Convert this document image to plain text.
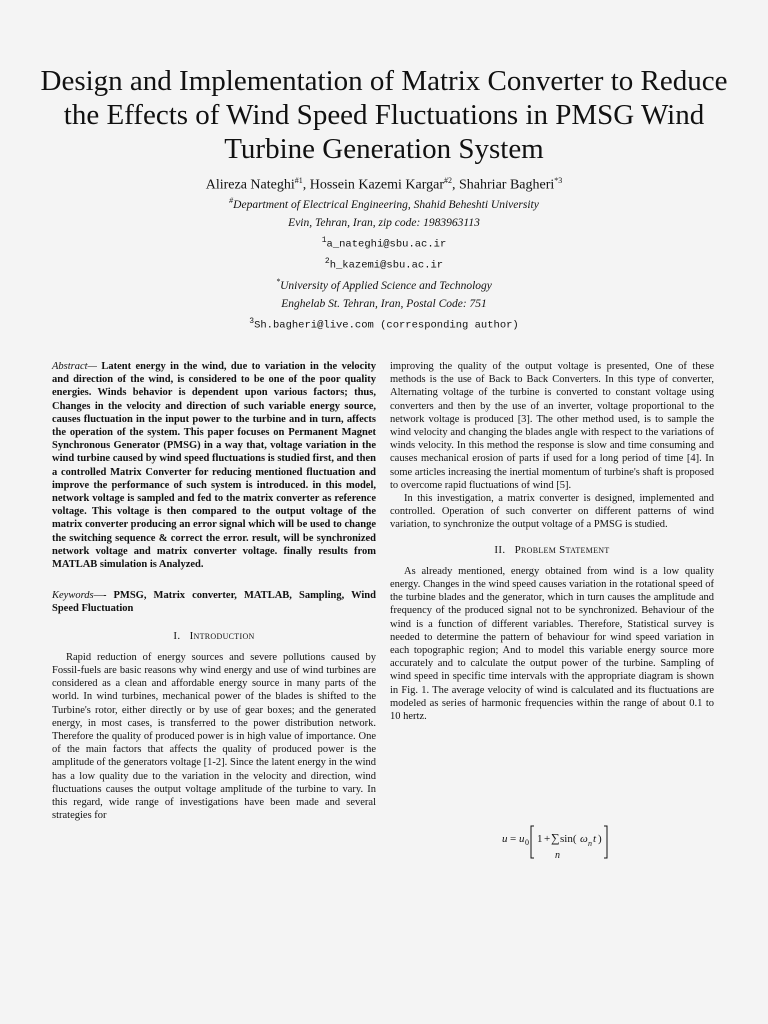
Design and Implementation of Matrix Converter to Reduce the Effects of Wind Speed Fluctuations in PMSG Wind Turbine Generation System
Alireza Nateghi$^{\#1}$, Hossein Kazemi Kargar$^{\#2}$, Shahriar Bagheri$^{*3}$
#Department of Electrical Engineering, Shahid Beheshti University
Evin, Tehran, Iran, zip code: 1983963113
$^1$a_nateghi@sbu.ac.ir
$^2$h_kazemi@sbu.ac.ir
*University of Applied Science and Technology
Enghelab St. Tehran, Iran, Postal Code: 751
$^3$Sh.bagheri@live.com (corresponding author)

Abstract— Latent energy in the wind, due to variation in the velocity and direction of the wind, is considered to be one of the poor quality energies. Winds behavior is dependent upon various factors; thus, Changes in the velocity and direction of such variable energy source, causes fluctuation in the input power to the turbine and in turn, affects the operation of the system. This paper focuses on Permanent Magnet Synchronous Generator (PMSG) in a way that, voltage variation in the wind turbine caused by wind speed fluctuations is studied first, and then a controlled Matrix Converter for reducing mentioned fluctuation and improve the performance of such system is introduced. in this model, network voltage is sampled and fed to the matrix converter as reference voltage. This voltage is then compared to the output voltage of the matrix converter producing an error signal which will be used to change the switching sequence & correct the error. result, will be synchronized network voltage and matrix converter voltage. finally results from MATLAB simulation is Analyzed.

Keywords—- PMSG, Matrix converter, MATLAB, Sampling, Wind Speed Fluctuation

I. Introduction

Rapid reduction of energy sources and severe pollutions caused by Fossil-fuels are basic reasons why wind energy and use of wind turbines are considered as a clean and affordable energy source in many parts of the world. In wind turbines, mechanical power of the blades is shifted to the Turbine's rotor, either directly or by use of gear boxes; and the generated energy, in most cases, is transferred to the power distribution network. Therefore the quality of produced power is in high value of importance. One of the main factors that affects the quality of produced power is the amplitude of the generators voltage [1-2]. Since the latent energy in the wind has a low quality due to the variation in the velocity and direction, wind fluctuations causes the output voltage amplitude of the turbine to vary. In this regard, wide range of investigations have been made and several strategies for

improving the quality of the output voltage is presented, One of these methods is the use of Back to Back Converters. In this type of converter, Alternating voltage of the turbine is converted to constant voltage using converters and then by the use of an inverter, voltage proportional to the network voltage is produced [3]. The other method used, is to sample the wind velocity and changing the blades angle with respect to the variations of winds velocity. In this method the response is slow and time consuming and causes mechanical erosion of parts if used for a long period of time [4]. In some articles increasing the inertial momentum of turbine's shaft is proposed to overcome rapid fluctuations of wind [5].

In this investigation, a matrix converter is designed, implemented and controlled. Operation of such converter on different patterns of wind variation, to synchronize the output voltage of a PMSG is studied.

II. Problem Statement

As already mentioned, energy obtained from wind is a low quality energy. Changes in the wind speed causes variation in the rotational speed of the turbine blades and the generator, which in turn causes the amplitude and frequency of the produced signal not to be synchronized. Behaviour of the wind is a function of different variables. Therefore, Statistical survey is needed to determine the pattern of behaviour for wind speed variation in each topographic region; And to model this variable energy source more accurately and to calculate the output power of the turbine. Sampling of wind speed in specific time intervals with the appropriate diagram is shown in Fig. 1. The average velocity of wind is calculated and its fluctuations are modeled as series of harmonic frequencies within the range of about 0.1 to 10 hertz.

u = u 0 1 + ∑ sin( ω n t )
n
